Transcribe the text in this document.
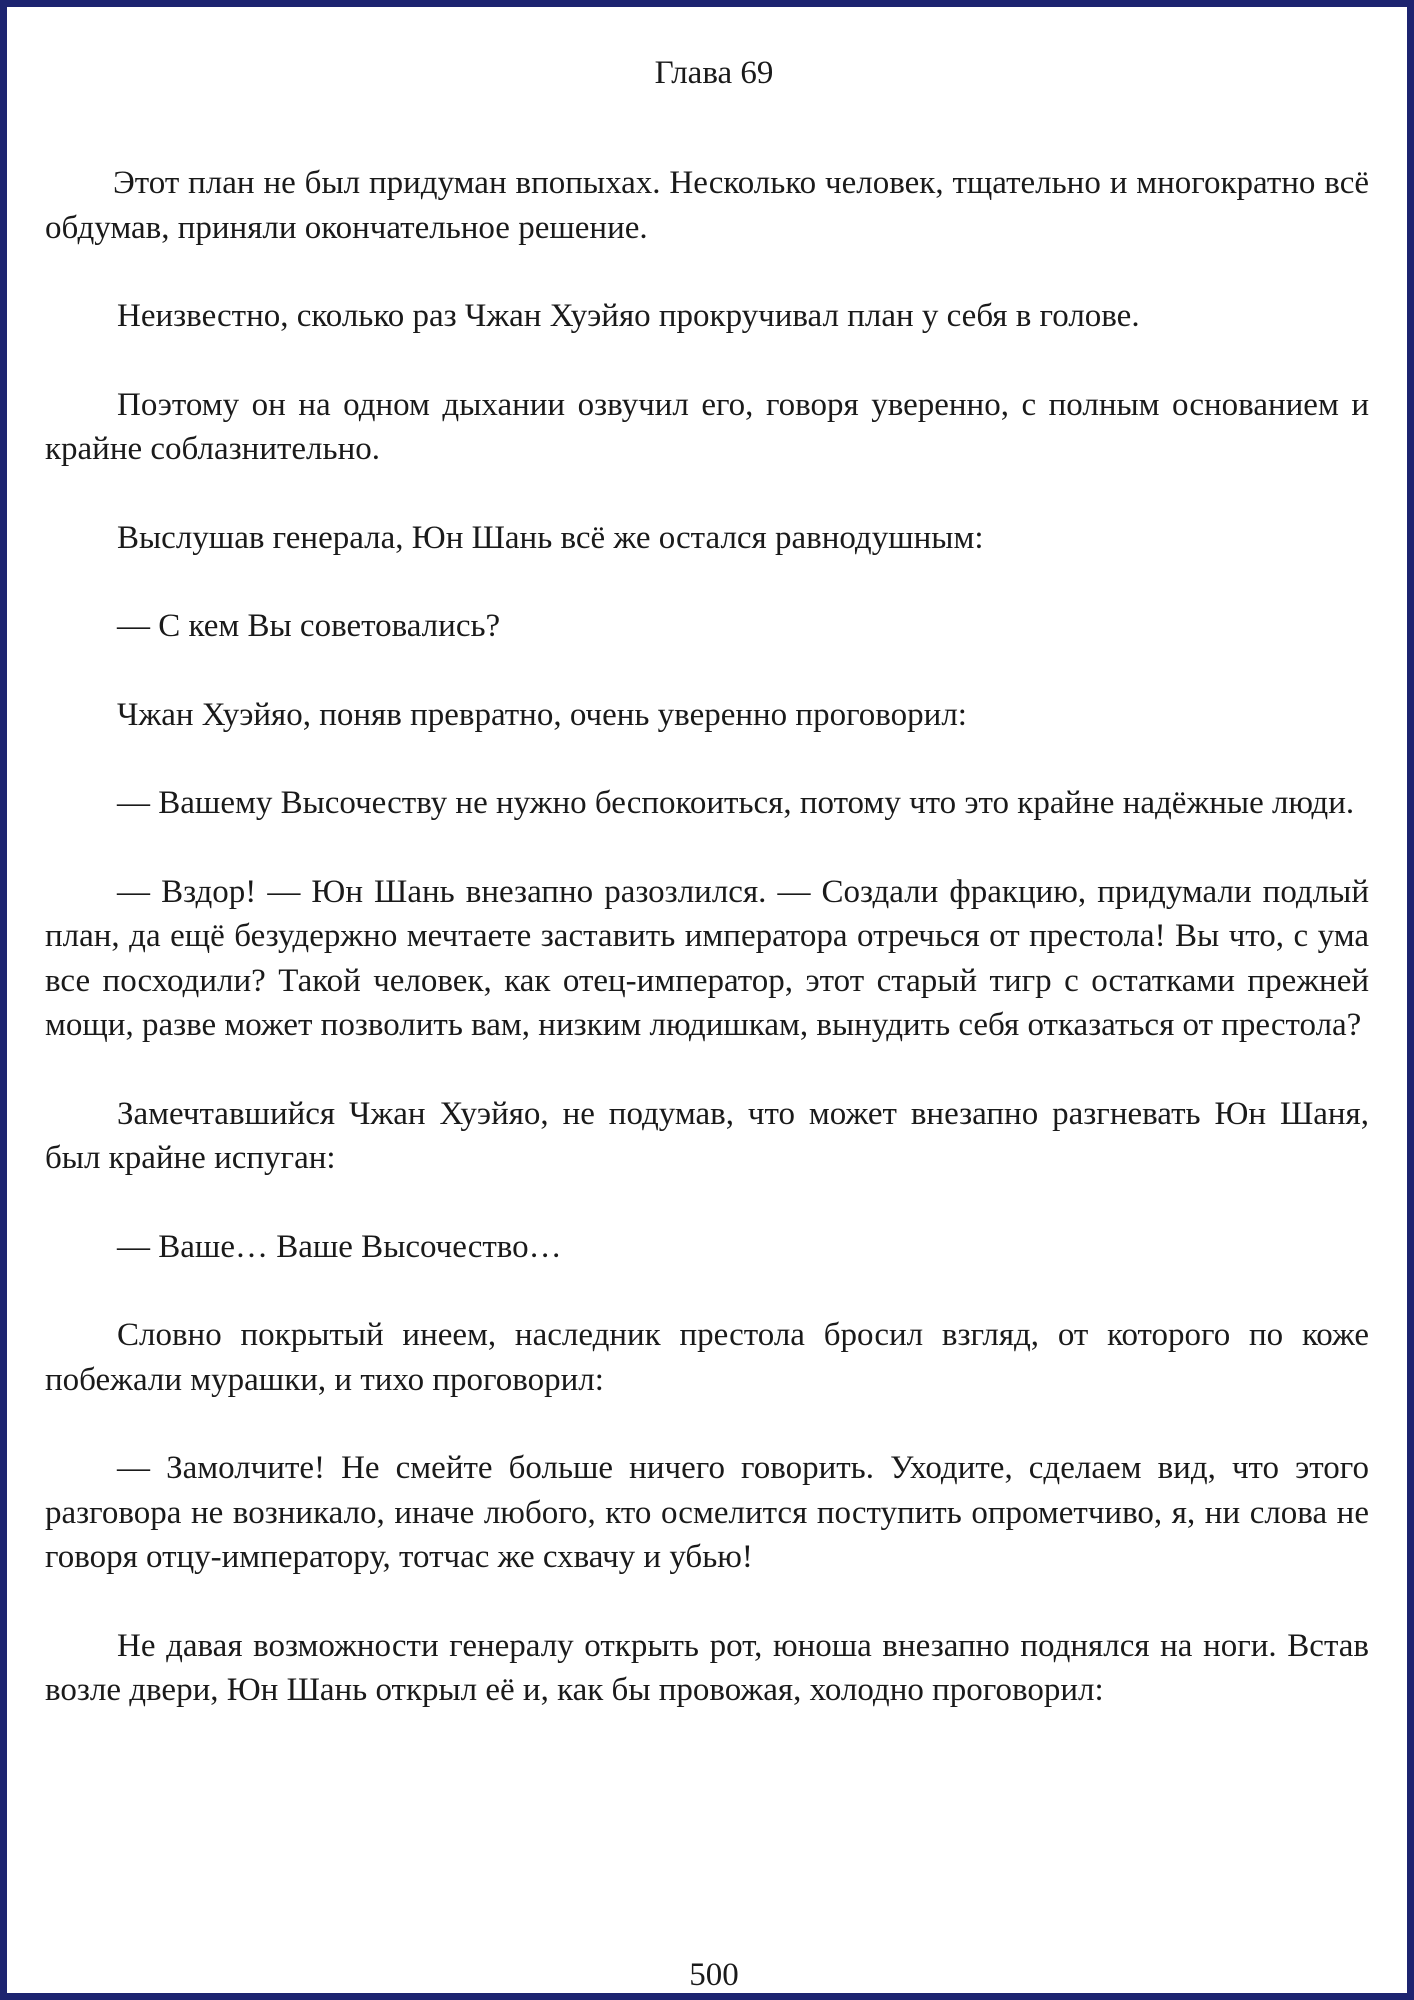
Глава 69

Этот план не был придуман впопыхах. Несколько человек, тщательно и многократно всё обдумав, приняли окончательное решение.

Неизвестно, сколько раз Чжан Хуэйяо прокручивал план у себя в голове.

Поэтому он на одном дыхании озвучил его, говоря уверенно, с полным основанием и крайне соблазнительно.

Выслушав генерала, Юн Шань всё же остался равнодушным:

— С кем Вы советовались?

Чжан Хуэйяо, поняв превратно, очень уверенно проговорил:

— Вашему Высочеству не нужно беспокоиться, потому что это крайне надёжные люди.

— Вздор! — Юн Шань внезапно разозлился. — Создали фракцию, придумали подлый план, да ещё безудержно мечтаете заставить императора отречься от престола! Вы что, с ума все посходили? Такой человек, как отец-император, этот старый тигр с остатками прежней мощи, разве может позволить вам, низким людишкам, вынудить себя отказаться от престола?

Замечтавшийся Чжан Хуэйяо, не подумав, что может внезапно разгневать Юн Шаня, был крайне испуган:

— Ваше… Ваше Высочество…

Словно покрытый инеем, наследник престола бросил взгляд, от которого по коже побежали мурашки, и тихо проговорил:

— Замолчите! Не смейте больше ничего говорить. Уходите, сделаем вид, что этого разговора не возникало, иначе любого, кто осмелится поступить опрометчиво, я, ни слова не говоря отцу-императору, тотчас же схвачу и убью!

Не давая возможности генералу открыть рот, юноша внезапно поднялся на ноги. Встав возле двери, Юн Шань открыл её и, как бы провожая, холодно проговорил:

500
